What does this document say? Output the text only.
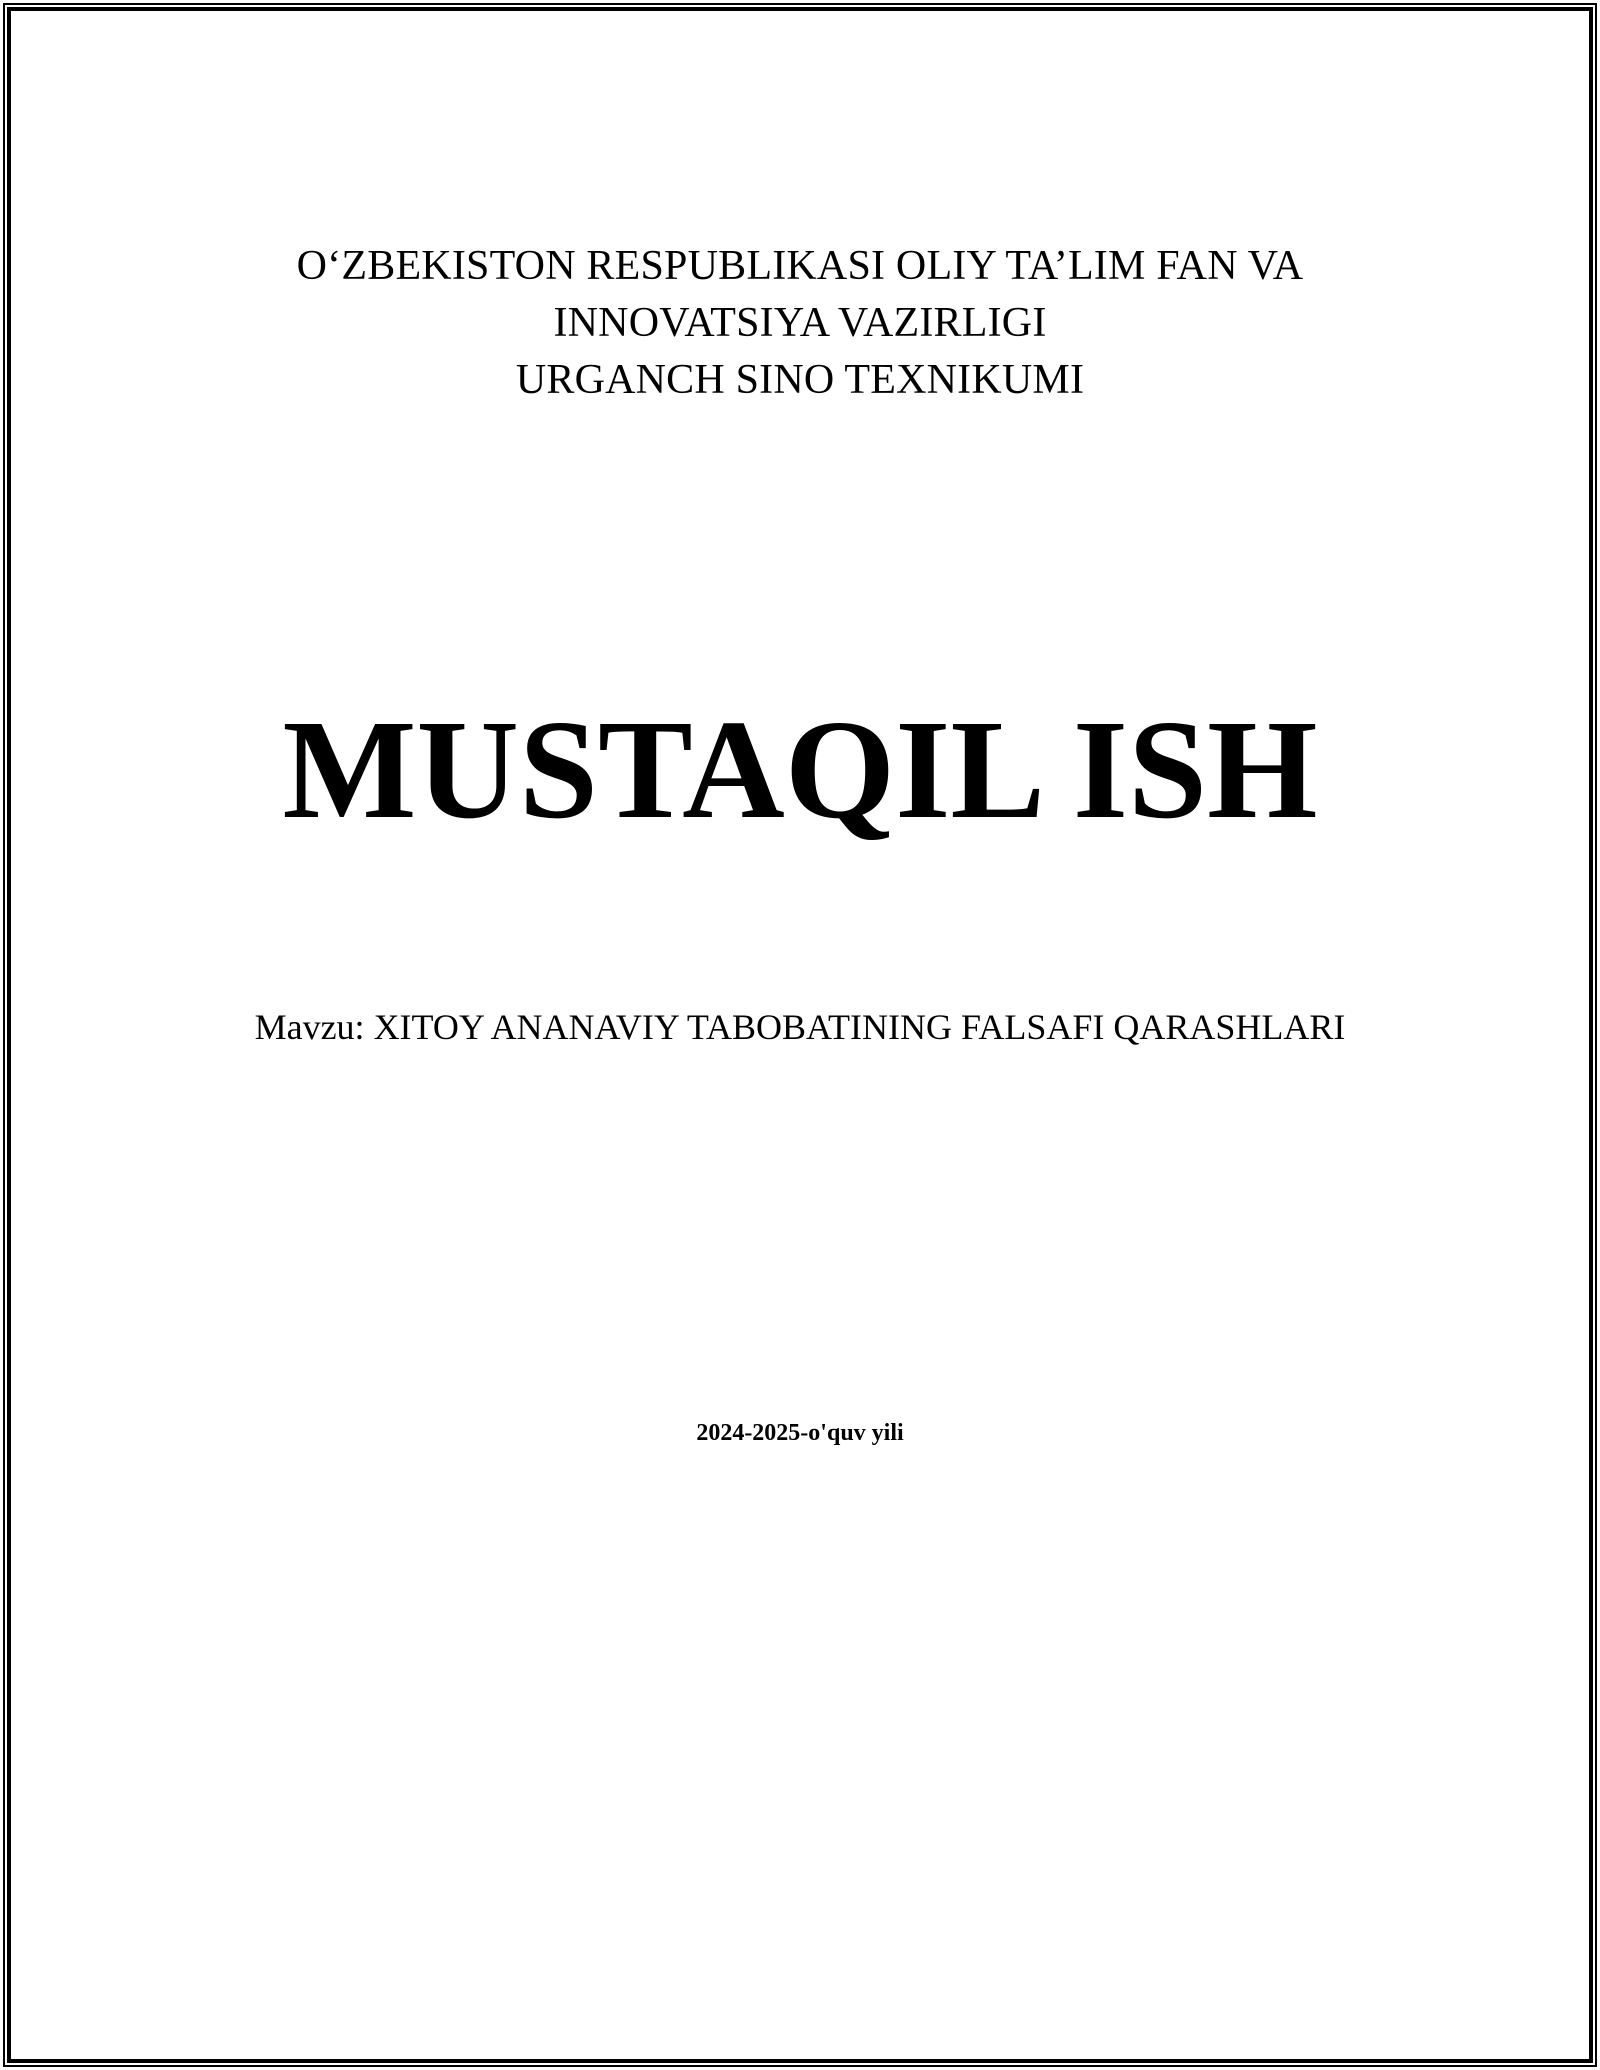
O‘ZBEKISTON RESPUBLIKASI OLIY TA’LIM FAN VA
INNOVATSIYA VAZIRLIGI
URGANCH SINO TEXNIKUMI
MUSTAQIL ISH
Mavzu: XITOY ANANAVIY TABOBATINING FALSAFI QARASHLARI
2024-2025-o'quv yili
